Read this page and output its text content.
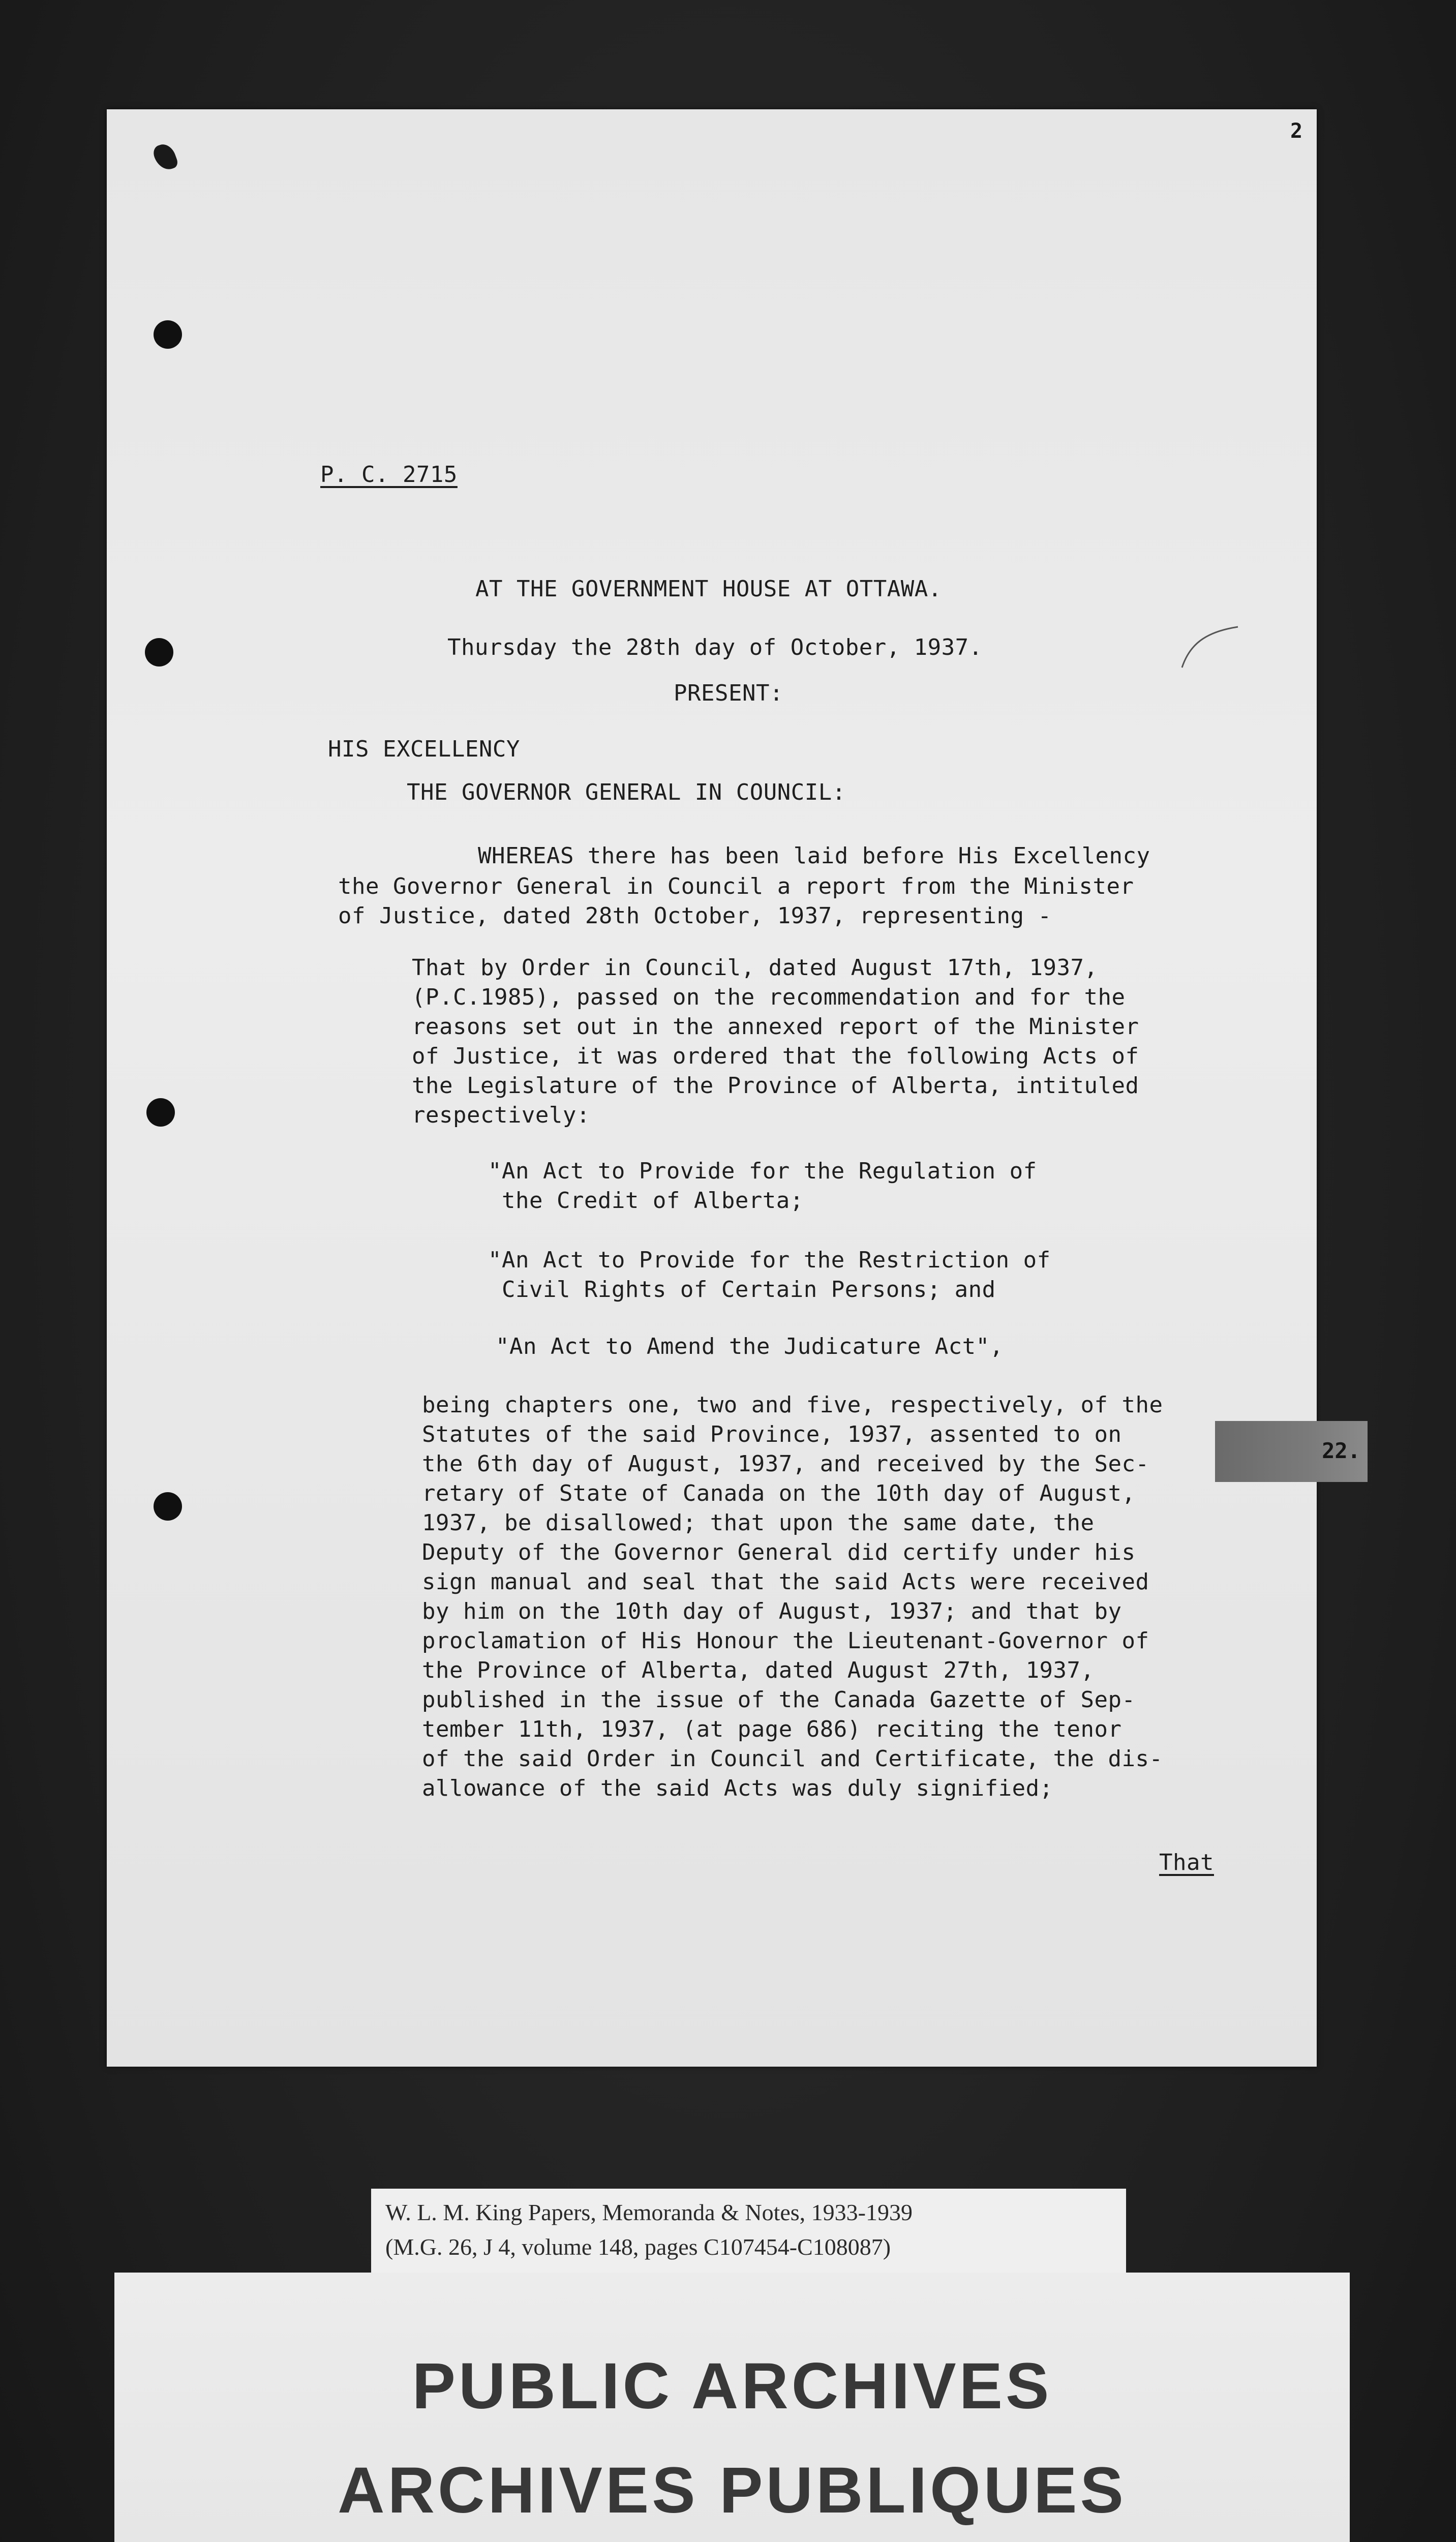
2

P. C. 2715

AT THE GOVERNMENT HOUSE AT OTTAWA.

Thursday the 28th day of October, 1937.

PRESENT:

HIS EXCELLENCY

THE GOVERNOR GENERAL IN COUNCIL:

WHEREAS there has been laid before His Excellency

the Governor General in Council a report from the Minister

of Justice, dated 28th October, 1937, representing -

That by Order in Council, dated August 17th, 1937,

(P.C.1985), passed on the recommendation and for the

reasons set out in the annexed report of the Minister

of Justice, it was ordered that the following Acts of

the Legislature of the Province of Alberta, intituled

respectively:

"An Act to Provide for the Regulation of

the Credit of Alberta;

"An Act to Provide for the Restriction of

Civil Rights of Certain Persons; and

"An Act to Amend the Judicature Act",

being chapters one, two and five, respectively, of the

Statutes of the said Province, 1937, assented to on

the 6th day of August, 1937, and received by the Sec-

retary of State of Canada on the 10th day of August,

1937, be disallowed; that upon the same date, the

Deputy of the Governor General did certify under his

sign manual and seal that the said Acts were received

by him on the 10th day of August, 1937; and that by

proclamation of His Honour the Lieutenant-Governor of

the Province of Alberta, dated August 27th, 1937,

published in the issue of the Canada Gazette of Sep-

tember 11th, 1937, (at page 686) reciting the tenor

of the said Order in Council and Certificate, the dis-

allowance of the said Acts was duly signified;

That

22.
W. L. M. King Papers, Memoranda & Notes, 1933-1939
(M.G. 26, J 4, volume 148, pages C107454-C108087)
PUBLIC ARCHIVES
ARCHIVES PUBLIQUES
